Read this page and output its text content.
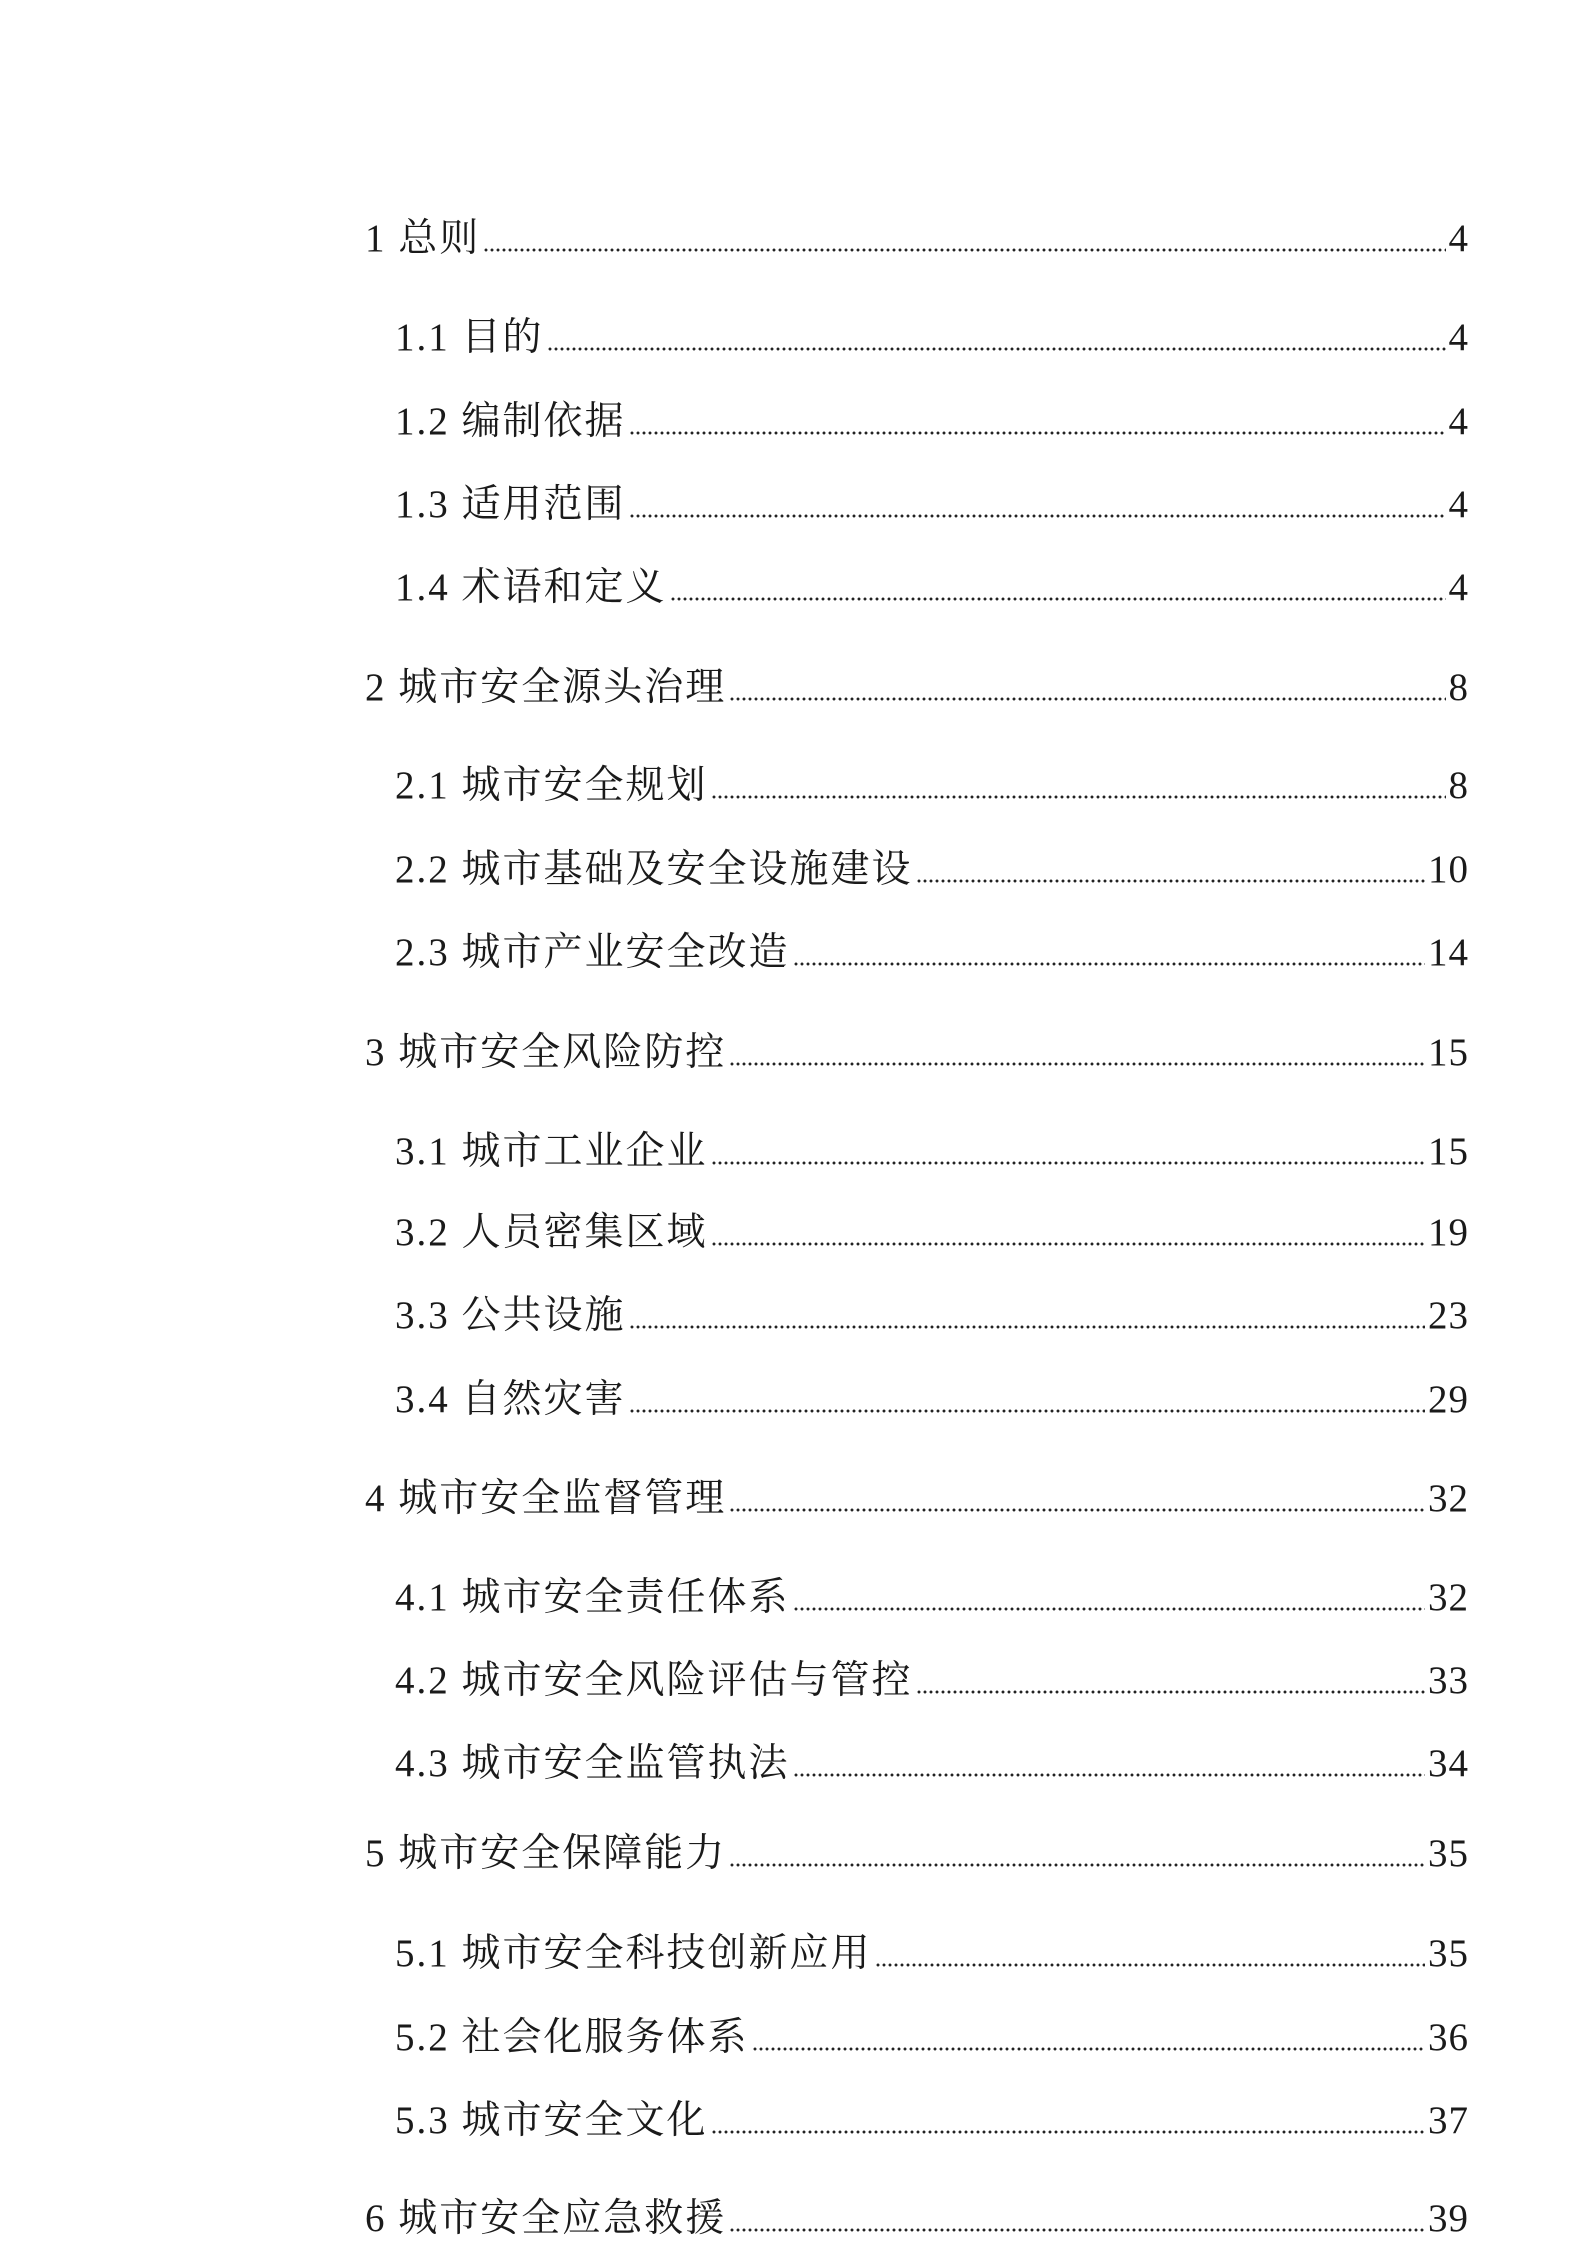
1 总则	4
1.1 目的	4
1.2 编制依据	4
1.3 适用范围	4
1.4 术语和定义	4
2 城市安全源头治理	8
2.1 城市安全规划	8
2.2 城市基础及安全设施建设	10
2.3 城市产业安全改造	14
3 城市安全风险防控	15
3.1 城市工业企业	15
3.2 人员密集区域	19
3.3 公共设施	23
3.4 自然灾害	29
4 城市安全监督管理	32
4.1 城市安全责任体系	32
4.2 城市安全风险评估与管控	33
4.3 城市安全监管执法	34
5 城市安全保障能力	35
5.1 城市安全科技创新应用	35
5.2 社会化服务体系	36
5.3 城市安全文化	37
6 城市安全应急救援	39
